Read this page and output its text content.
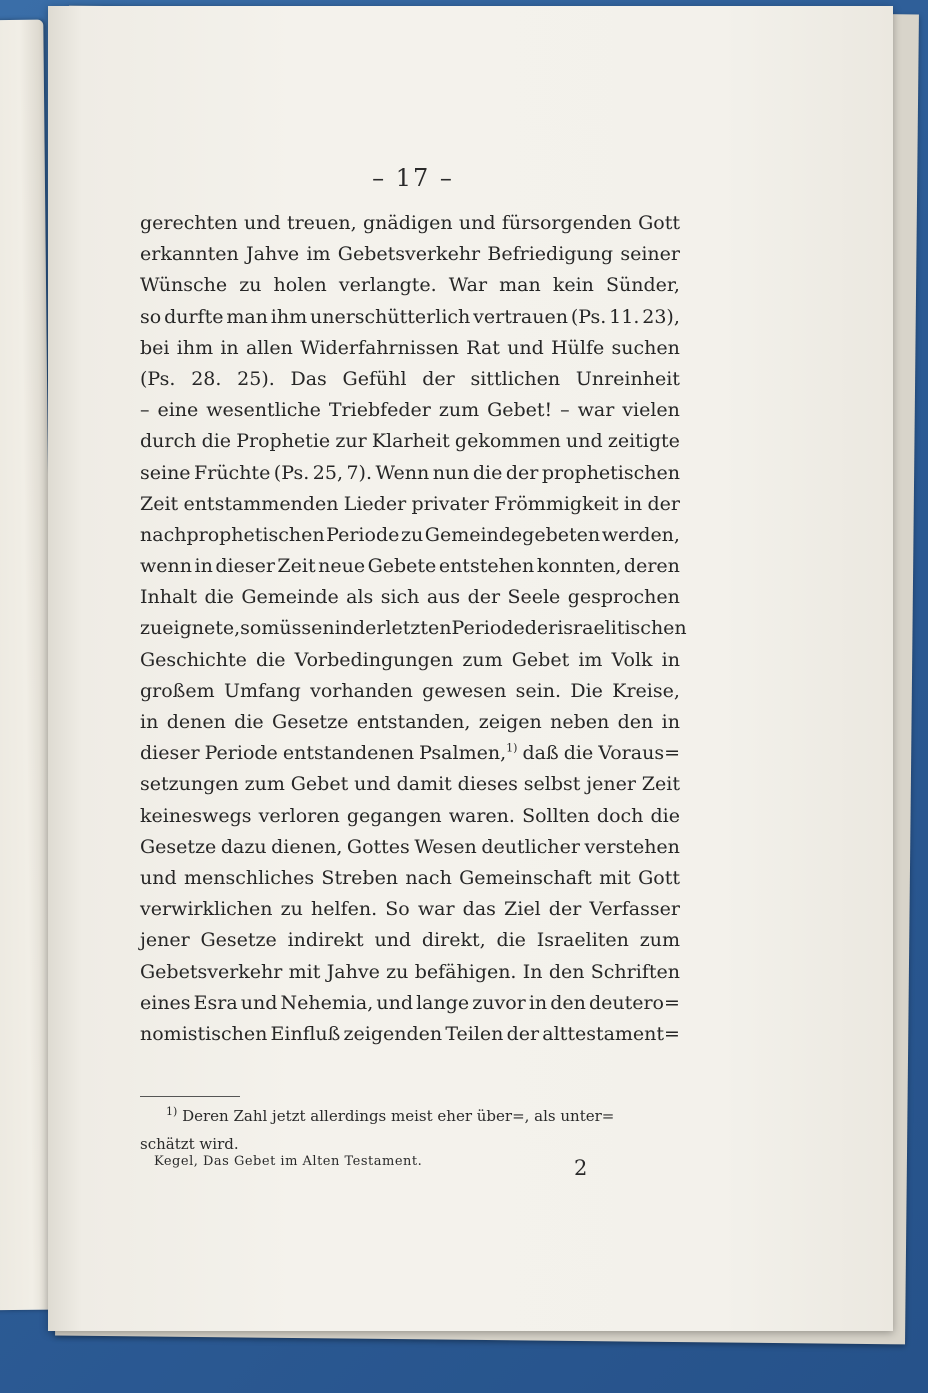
– 17 –
gerechten und treuen, gnädigen und fürsorgenden Gott
erkannten Jahve im Gebetsverkehr Befriedigung seiner
Wünsche zu holen verlangte. War man kein Sünder,
so durfte man ihm unerschütterlich vertrauen (Ps. 11. 23),
bei ihm in allen Widerfahrnissen Rat und Hülfe suchen
(Ps. 28. 25). Das Gefühl der sittlichen Unreinheit
– eine wesentliche Triebfeder zum Gebet! – war vielen
durch die Prophetie zur Klarheit gekommen und zeitigte
seine Früchte (Ps. 25, 7). Wenn nun die der prophetischen
Zeit entstammenden Lieder privater Frömmigkeit in der
nachprophetischen Periode zu Gemeindegebeten werden,
wenn in dieser Zeit neue Gebete entstehen konnten, deren
Inhalt die Gemeinde als sich aus der Seele gesprochen
zueignete, so müssen in der letzten Periode der israelitischen
Geschichte die Vorbedingungen zum Gebet im Volk in
großem Umfang vorhanden gewesen sein. Die Kreise,
in denen die Gesetze entstanden, zeigen neben den in
dieser Periode entstandenen Psalmen,$^{1)}$ daß die Voraus=
setzungen zum Gebet und damit dieses selbst jener Zeit
keineswegs verloren gegangen waren. Sollten doch die
Gesetze dazu dienen, Gottes Wesen deutlicher verstehen
und menschliches Streben nach Gemeinschaft mit Gott
verwirklichen zu helfen. So war das Ziel der Verfasser
jener Gesetze indirekt und direkt, die Israeliten zum
Gebetsverkehr mit Jahve zu befähigen. In den Schriften
eines Esra und Nehemia, und lange zuvor in den deutero=
nomistischen Einfluß zeigenden Teilen der alttestament=
$^{1)}$ Deren Zahl jetzt allerdings meist eher über=, als unter=
schätzt wird.
Kegel, Das Gebet im Alten Testament.	2
